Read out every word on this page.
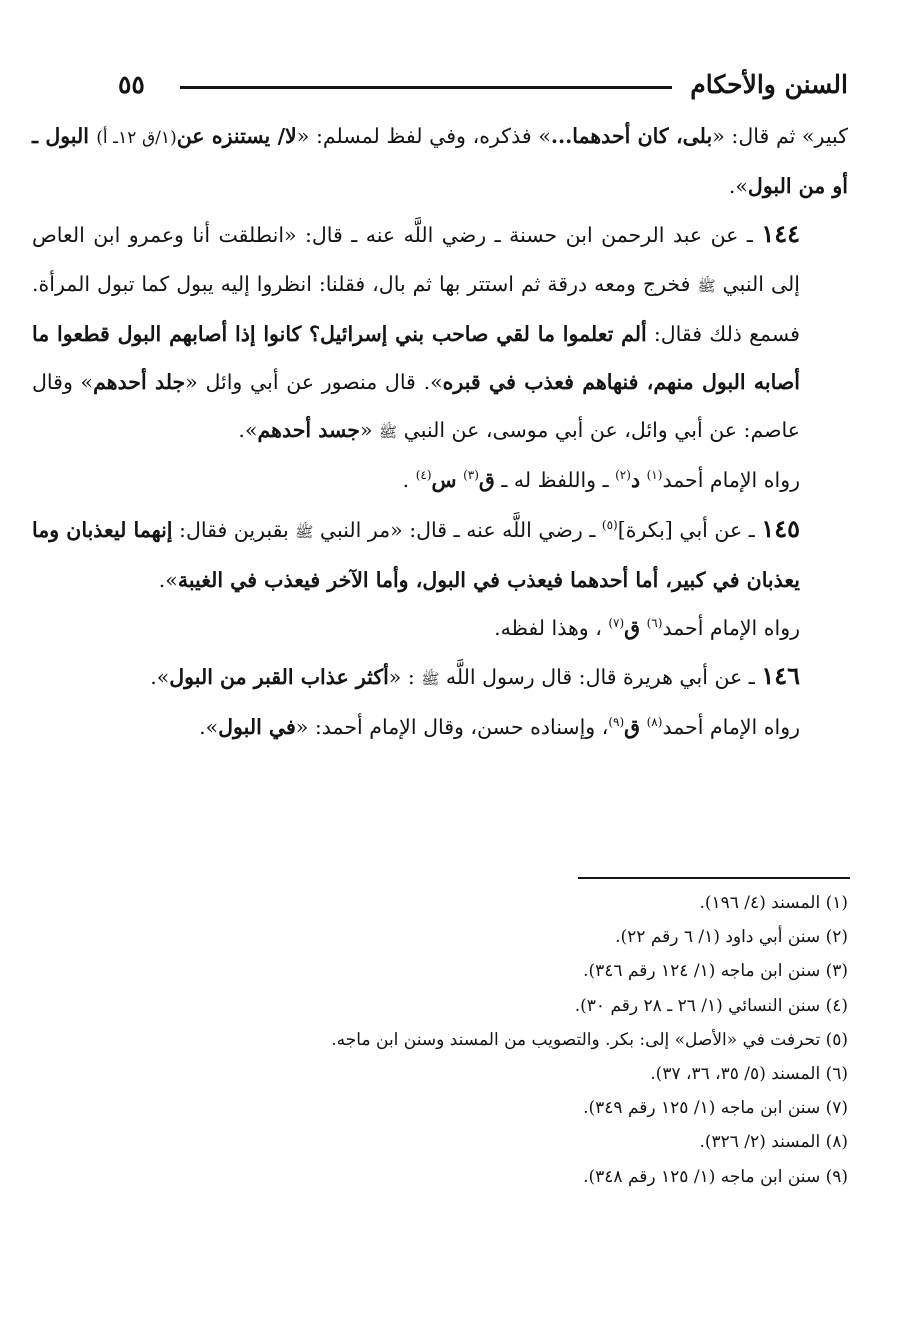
السنن والأحكام
٥٥

كبير» ثم قال: «بلى، كان أحدهما...» فذكره، وفي لفظ لمسلم: «لا/ يستنزه عن(١/ق ١٢ـ أ) البول ـ أو من البول».

١٤٤ ـ عن عبد الرحمن ابن حسنة ـ رضي اللَّه عنه ـ قال: «انطلقت أنا وعمرو ابن العاص إلى النبي ﷺ فخرج ومعه درقة ثم استتر بها ثم بال، فقلنا: انظروا إليه يبول كما تبول المرأة. فسمع ذلك فقال: ألم تعلموا ما لقي صاحب بني إسرائيل؟ كانوا إذا أصابهم البول قطعوا ما أصابه البول منهم، فنهاهم فعذب في قبره». قال منصور عن أبي وائل «جلد أحدهم» وقال عاصم: عن أبي وائل، عن أبي موسى، عن النبي ﷺ «جسد أحدهم».

رواه الإمام أحمد$^{(١)}$ د$^{(٢)}$ ـ واللفظ له ـ ق$^{(٣)}$ س$^{(٤)}$ .

١٤٥ ـ عن أبي [بكرة]$^{(٥)}$ ـ رضي اللَّه عنه ـ قال: «مر النبي ﷺ بقبرين فقال: إنهما ليعذبان وما يعذبان في كبير، أما أحدهما فيعذب في البول، وأما الآخر فيعذب في الغيبة».

رواه الإمام أحمد$^{(٦)}$ ق$^{(٧)}$ ، وهذا لفظه.

١٤٦ ـ عن أبي هريرة قال: قال رسول اللَّه ﷺ : «أكثر عذاب القبر من البول».

رواه الإمام أحمد$^{(٨)}$ ق$^{(٩)}$، وإسناده حسن، وقال الإمام أحمد: «في البول».

(١) المسند (٤/ ١٩٦).
(٢) سنن أبي داود (١/ ٦ رقم ٢٢).
(٣) سنن ابن ماجه (١/ ١٢٤ رقم ٣٤٦).
(٤) سنن النسائي (١/ ٢٦ ـ ٢٨ رقم ٣٠).
(٥) تحرفت في «الأصل» إلى: بكر. والتصويب من المسند وسنن ابن ماجه.
(٦) المسند (٥/ ٣٥، ٣٦، ٣٧).
(٧) سنن ابن ماجه (١/ ١٢٥ رقم ٣٤٩).
(٨) المسند (٢/ ٣٢٦).
(٩) سنن ابن ماجه (١/ ١٢٥ رقم ٣٤٨).
